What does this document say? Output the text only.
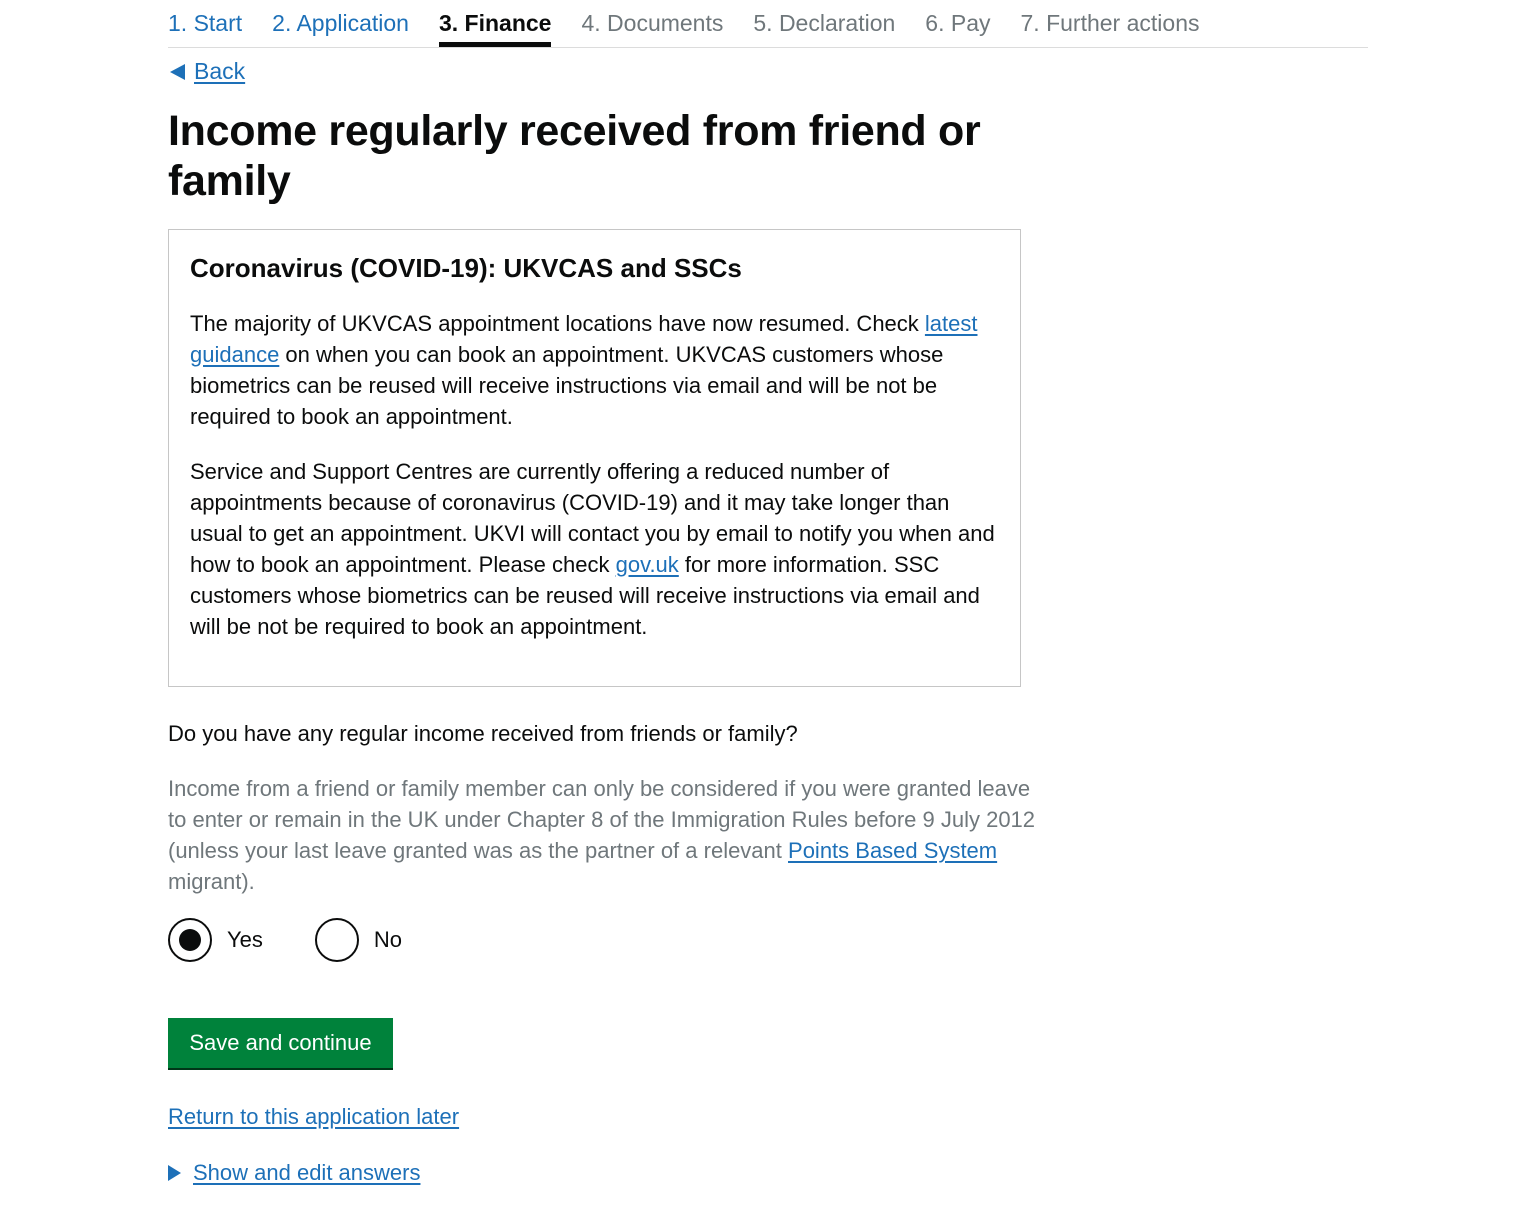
1. Start 2. Application 3. Finance 4. Documents 5. Declaration 6. Pay 7. Further actions
Back
Income regularly received from friend or family
Coronavirus (COVID-19): UKVCAS and SSCs

The majority of UKVCAS appointment locations have now resumed. Check latest guidance on when you can book an appointment. UKVCAS customers whose biometrics can be reused will receive instructions via email and will be not be required to book an appointment.

Service and Support Centres are currently offering a reduced number of appointments because of coronavirus (COVID-19) and it may take longer than usual to get an appointment. UKVI will contact you by email to notify you when and how to book an appointment. Please check gov.uk for more information. SSC customers whose biometrics can be reused will receive instructions via email and will be not be required to book an appointment.

Do you have any regular income received from friends or family?
Income from a friend or family member can only be considered if you were granted leave to enter or remain in the UK under Chapter 8 of the Immigration Rules before 9 July 2012 (unless your last leave granted was as the partner of a relevant Points Based System migrant).
Yes	No
Save and continue
Return to this application later
Show and edit answers
